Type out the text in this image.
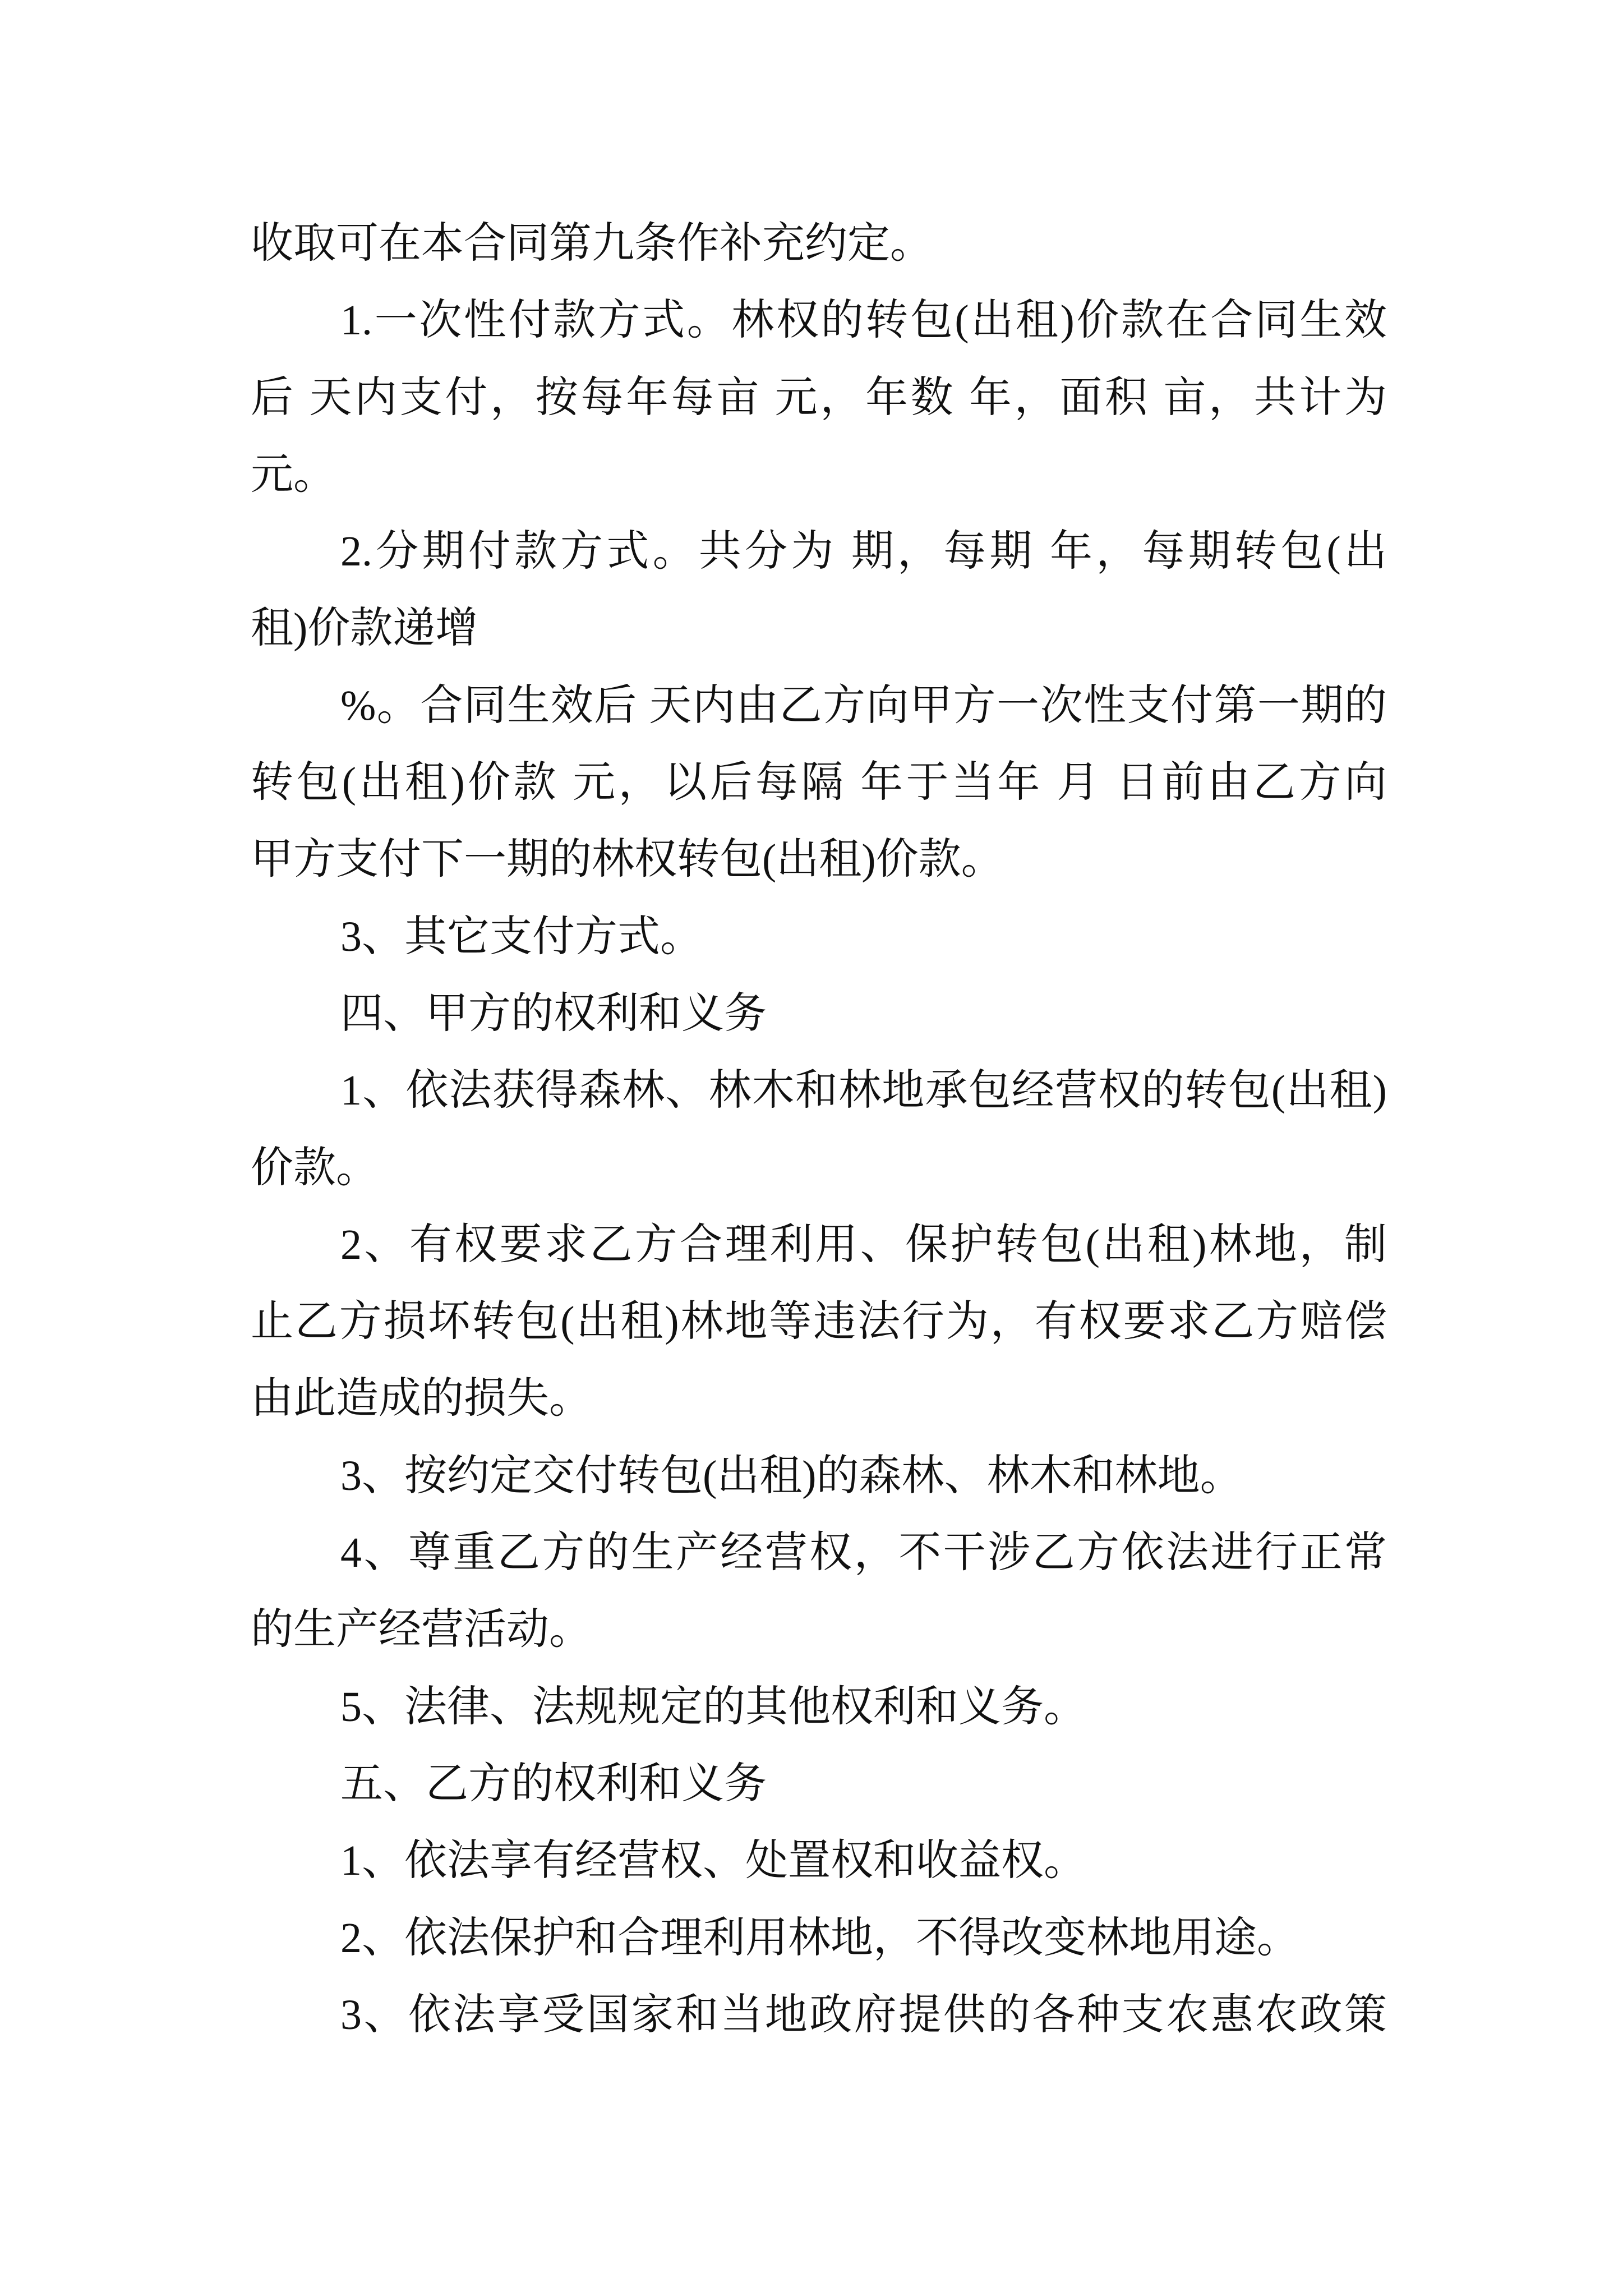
收取可在本合同第九条作补充约定。
1.一次性付款方式。林权的转包(出租)价款在合同生效
后 天内支付，按每年每亩 元，年数 年，面积 亩，共计为
元。
2.分期付款方式。共分为 期，每期 年，每期转包(出
租)价款递增
%。合同生效后 天内由乙方向甲方一次性支付第一期的
转包(出租)价款 元，以后每隔 年于当年 月 日前由乙方向
甲方支付下一期的林权转包(出租)价款。
3、其它支付方式。
四、甲方的权利和义务
1、依法获得森林、林木和林地承包经营权的转包(出租)
价款。
2、有权要求乙方合理利用、保护转包(出租)林地，制
止乙方损坏转包(出租)林地等违法行为，有权要求乙方赔偿
由此造成的损失。
3、按约定交付转包(出租)的森林、林木和林地。
4、尊重乙方的生产经营权，不干涉乙方依法进行正常
的生产经营活动。
5、法律、法规规定的其他权利和义务。
五、乙方的权利和义务
1、依法享有经营权、处置权和收益权。
2、依法保护和合理利用林地，不得改变林地用途。
3、依法享受国家和当地政府提供的各种支农惠农政策
